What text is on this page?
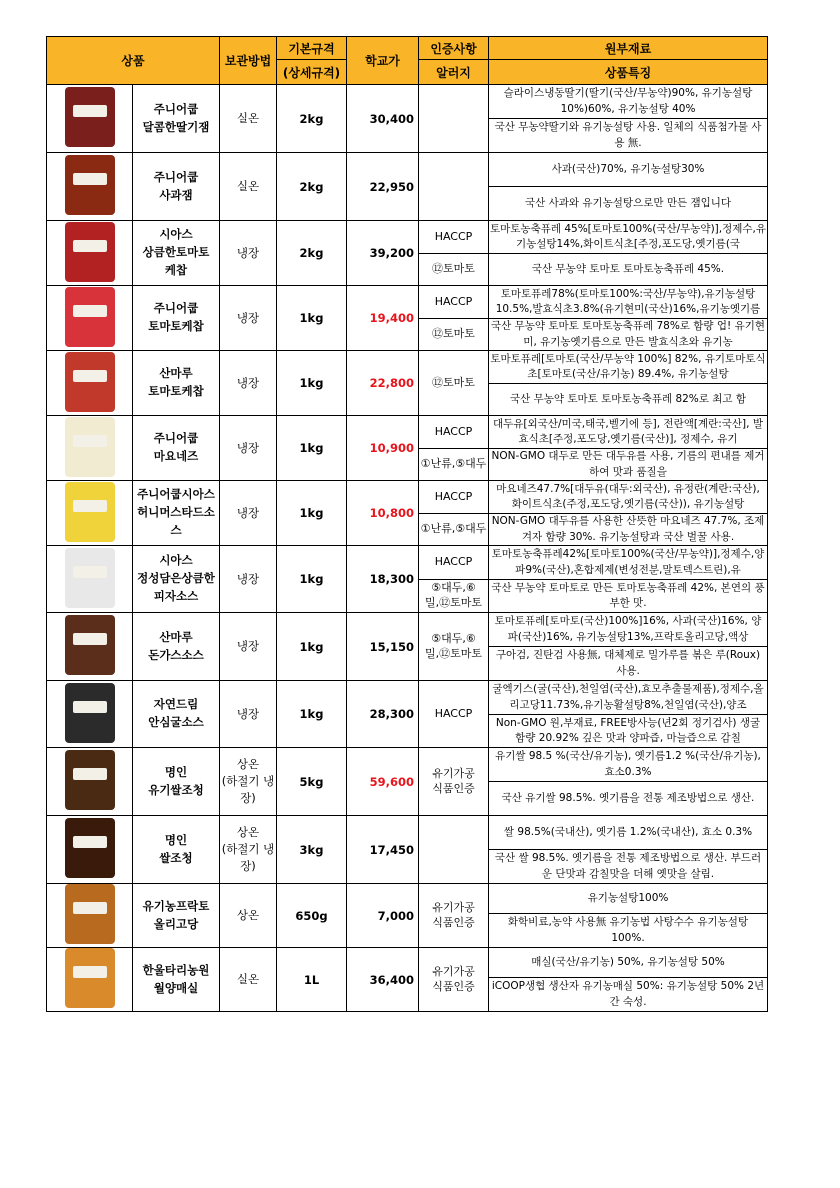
상품		보관방법	기본규격	학교가	인증사항	원부재료
			(상세규격)		알러지	상품특징

	주니어쿱
달콤한딸기잼	실온	2kg	30,400		슬라이스냉동딸기(딸기(국산/무농약)90%, 유기농설탕 10%)60%, 유기농설탕 40%
						국산 무농약딸기와 유기농설탕 사용. 일체의 식품첨가물 사용 無.

	주니어쿱
사과잼	실온	2kg	22,950		사과(국산)70%, 유기농설탕30%
						국산 사과와 유기농설탕으로만 만든 잼입니다

	시아스
상큼한토마토
케찹	냉장	2kg	39,200	HACCP	토마토농축퓨레 45%[토마토100%(국산/무농약)],정제수,유기농설탕14%,화이트식초[주정,포도당,옛기름(국
					⑫토마토	국산 무농약 토마토 토마토농축퓨레 45%.

	주니어쿱
토마토케찹	냉장	1kg	19,400	HACCP	토마토퓨레78%(토마토100%:국산/무농약),유기농설탕10.5%,발효식초3.8%(유기현미(국산)16%,유기농옛기름
					⑫토마토	국산 무농약 토마토 토마토농축퓨레 78%로 함량 업! 유기현미, 유기농옛기름으로 만든 발효식초와 유기농

	산마루
토마토케찹	냉장	1kg	22,800	⑫토마토	토마토퓨레[토마토(국산/무농약 100%] 82%, 유기토마토식초[토마토(국산/유기농) 89.4%, 유기농설탕
						국산 무농약 토마토 토마토농축퓨레 82%로 최고 함

	주니어쿱
마요네즈	냉장	1kg	10,900	HACCP	대두유[외국산/미국,태국,벨기에 등], 전란액[계란:국산], 발효식초[주정,포도당,옛기름(국산)], 정제수, 유기
					①난류,⑤대두	NON-GMO 대두로 만든 대두유를 사용, 기름의 편내를 제거하여 맛과 품질을

	주니어쿱시아스
허니머스타드소
스	냉장	1kg	10,800	HACCP	마요네즈47.7%[대두유(대두:외국산), 유정란(계란:국산), 화이트식초(주정,포도당,옛기름(국산)), 유기농설탕
					①난류,⑤대두	NON-GMO 대두유를 사용한 산뜻한 마요네즈 47.7%, 조제겨자 함량 30%. 유기농설탕과 국산 벌꿀 사용.

	시아스
정성담은상큼한
피자소스	냉장	1kg	18,300	HACCP	토마토농축퓨레42%[토마토100%(국산/무농약)],정제수,양파9%(국산),혼합제제(변성전분,말토덱스트린),유
					⑤대두,⑥밀,⑫토마토	국산 무농약 토마토로 만든 토마토농축퓨레 42%, 본연의 풍부한 맛.

	산마루
돈가스소스	냉장	1kg	15,150	⑤대두,⑥밀,⑫토마토	토마토퓨레[토마토(국산)100%]16%, 사과(국산)16%, 양파(국산)16%, 유기농설탕13%,프락토올리고당,액상
						구아검, 진탄검 사용無, 대체제로 밀가루를 볶은 루(Roux) 사용.

	자연드림
안심굴소스	냉장	1kg	28,300	HACCP	굴엑기스(굴(국산),천일염(국산),효모추출물제품),정제수,올리고당11.73%,유기농활설탕8%,천일염(국산),양조
						Non-GMO 원,부재료, FREE방사능(년2회 정기검사) 생굴 함량 20.92% 깊은 맛과 양파즙, 마늘즙으로 감칠

	명인
유기쌀조청	상온
(하절기 냉
장)	5kg	59,600	유기가공
식품인증	유기쌀 98.5 %(국산/유기농), 옛기름1.2 %(국산/유기농), 효소0.3%
						국산 유기쌀 98.5%. 옛기름을 전통 제조방법으로 생산.

	명인
쌀조청	상온
(하절기 냉
장)	3kg	17,450		쌀 98.5%(국내산), 옛기름 1.2%(국내산), 효소 0.3%
						국산 쌀 98.5%. 옛기름을 전통 제조방법으로 생산. 부드러운 단맛과 감칠맛을 더해 옛맛을 살림.

	유기농프락토
올리고당	상온	650g	7,000	유기가공
식품인증	유기농설탕100%
						화학비료,농약 사용無 유기농법 사탕수수 유기농설탕 100%.

	한울타리농원
월양매실	실온	1L	36,400	유기가공
식품인증	매실(국산/유기농) 50%, 유기농설탕 50%
						iCOOP생협 생산자 유기농매실 50%: 유기농설탕 50% 2년간 숙성.
